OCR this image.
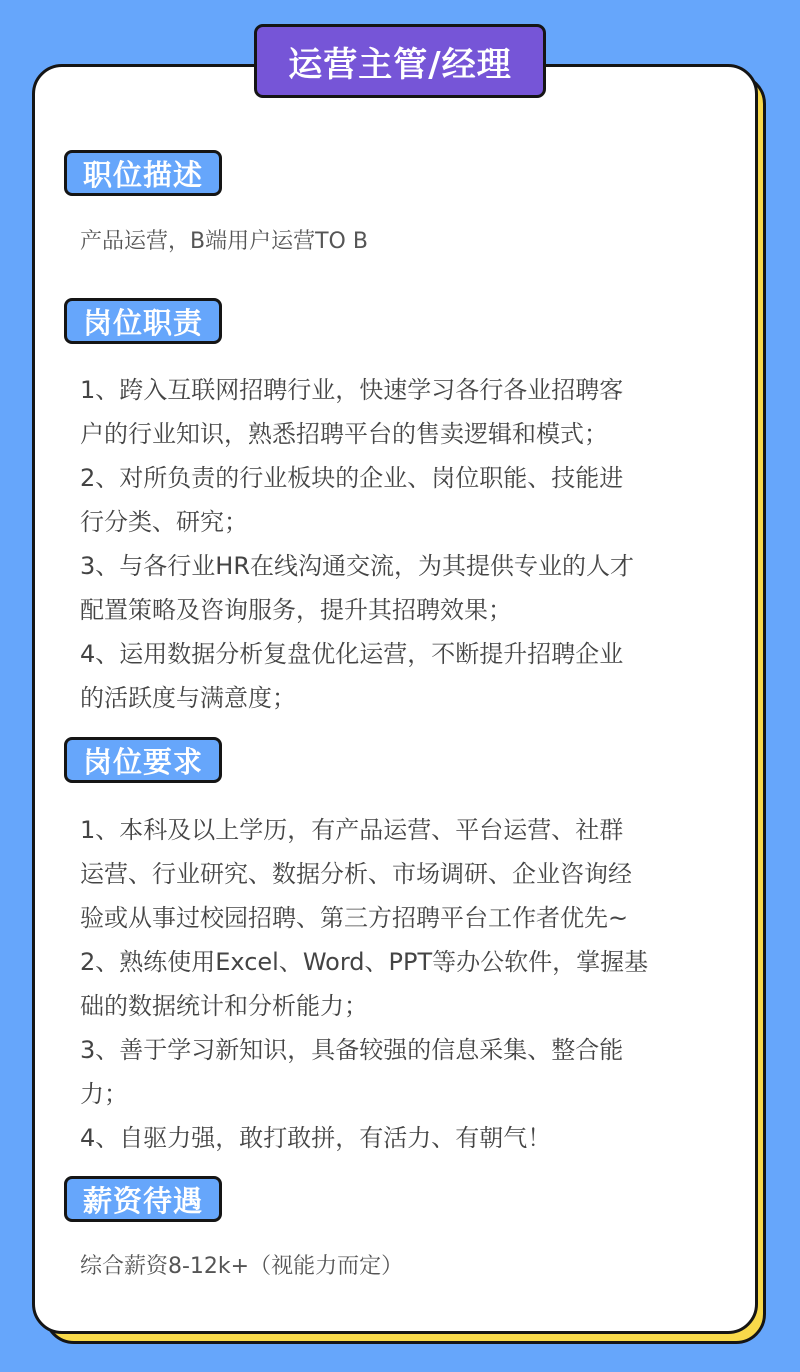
运营主管/经理
职位描述
产品运营，B端用户运营TO B
岗位职责
1、跨入互联网招聘行业，快速学习各行各业招聘客
户的行业知识，熟悉招聘平台的售卖逻辑和模式；
2、对所负责的行业板块的企业、岗位职能、技能进
行分类、研究；
3、与各行业HR在线沟通交流，为其提供专业的人才
配置策略及咨询服务，提升其招聘效果；
4、运用数据分析复盘优化运营，不断提升招聘企业
的活跃度与满意度；
岗位要求
1、本科及以上学历，有产品运营、平台运营、社群
运营、行业研究、数据分析、市场调研、企业咨询经
验或从事过校园招聘、第三方招聘平台工作者优先~
2、熟练使用Excel、Word、PPT等办公软件，掌握基
础的数据统计和分析能力；
3、善于学习新知识，具备较强的信息采集、整合能
力；
4、自驱力强，敢打敢拼，有活力、有朝气！
薪资待遇
综合薪资8-12k+（视能力而定）
